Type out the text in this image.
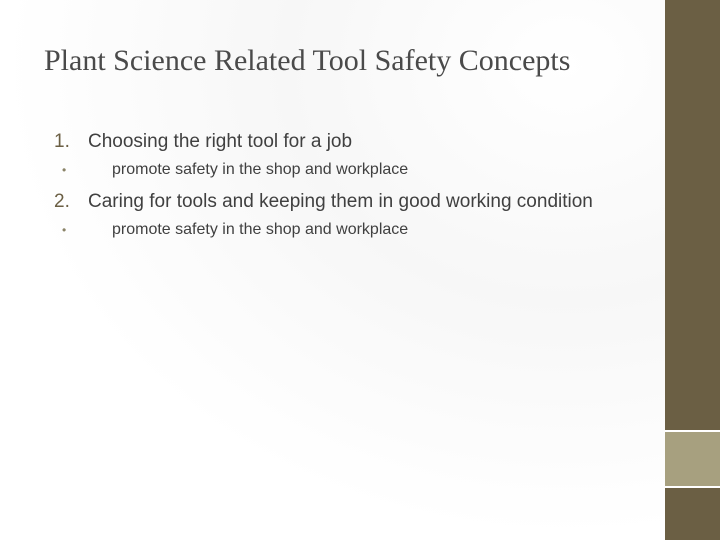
Plant Science Related Tool Safety Concepts
1. Choosing the right tool for a job
•	promote safety in the shop and workplace
2. Caring for tools and keeping them in good working condition
•	promote safety in the shop and workplace
